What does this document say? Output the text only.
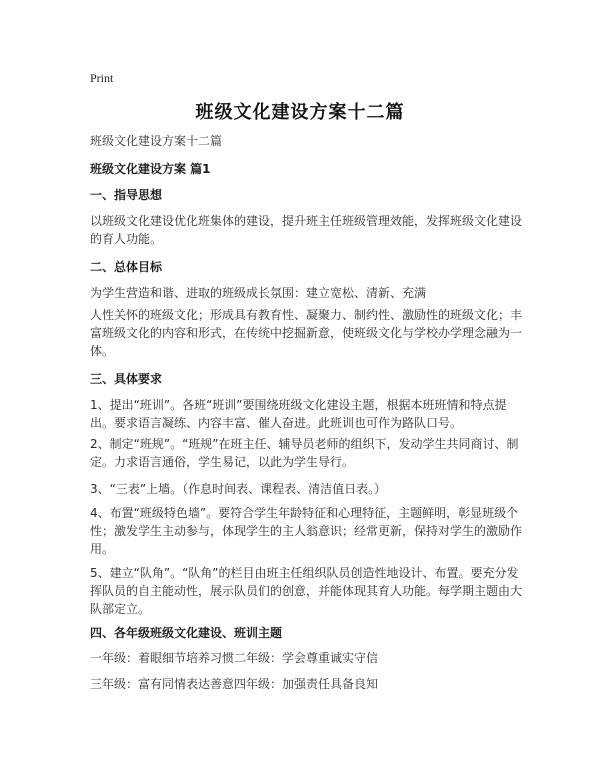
Print
班级文化建设方案十二篇
班级文化建设方案十二篇
班级文化建设方案 篇1
一、指导思想
以班级文化建设优化班集体的建设，提升班主任班级管理效能，发挥班级文化建设的育人功能。
二、总体目标
为学生营造和谐、进取的班级成长氛围：建立宽松、清新、充满
人性关怀的班级文化；形成具有教育性、凝聚力、制约性、激励性的班级文化；丰富班级文化的内容和形式，在传统中挖掘新意，使班级文化与学校办学理念融为一体。
三、具体要求
1、提出“班训”。各班“班训”要围绕班级文化建设主题，根据本班班情和特点提出。要求语言凝练、内容丰富、催人奋进。此班训也可作为路队口号。
2、制定“班规”。“班规”在班主任、辅导员老师的组织下，发动学生共同商讨、制定。力求语言通俗，学生易记，以此为学生导行。
3、“三表”上墙。（作息时间表、课程表、清洁值日表。）
4、布置“班级特色墙”。要符合学生年龄特征和心理特征，主题鲜明，彰显班级个性；激发学生主动参与，体现学生的主人翁意识；经常更新，保持对学生的激励作用。
5、建立“队角”。“队角”的栏目由班主任组织队员创造性地设计、布置。要充分发挥队员的自主能动性，展示队员们的创意，并能体现其育人功能。每学期主题由大队部定立。
四、各年级班级文化建设、班训主题
一年级：着眼细节培养习惯二年级：学会尊重诚实守信
三年级：富有同情表达善意四年级：加强责任具备良知
